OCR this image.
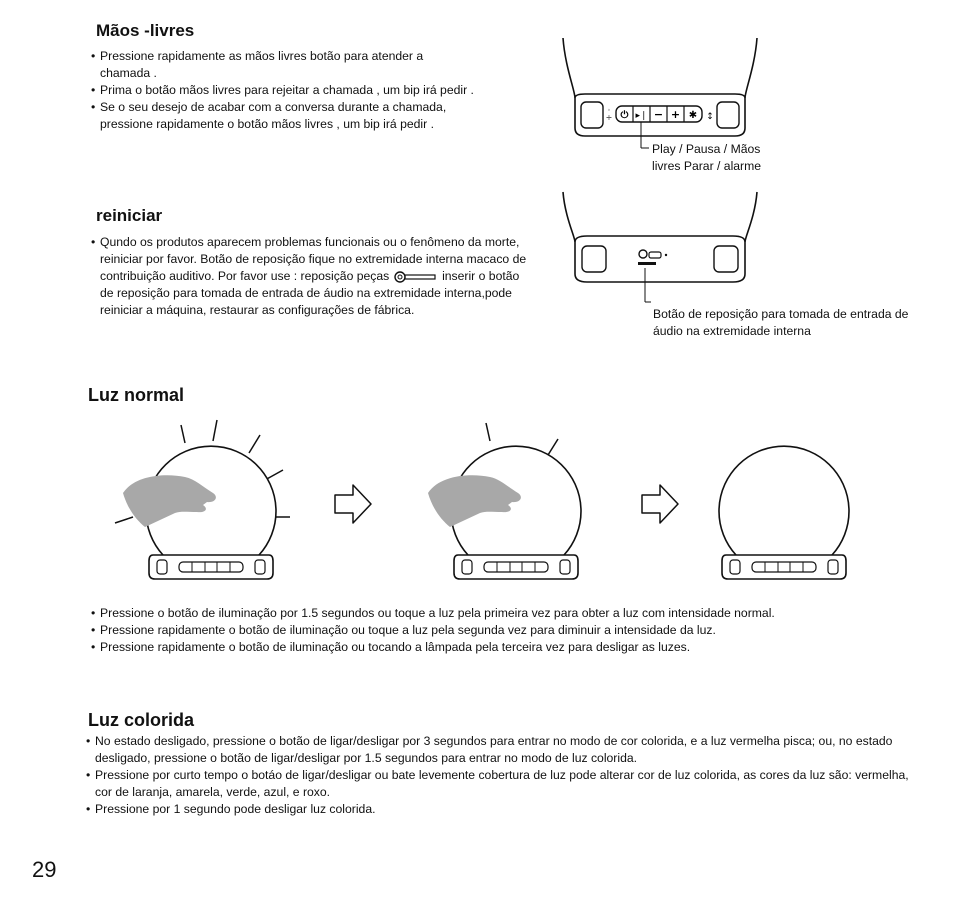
Mãos -livres
• Pressione rapidamente as mãos livres botão para atender a chamada .
• Prima o botão mãos livres para rejeitar a chamada , um bip irá pedir .
• Se o seu desejo de acabar com a conversa durante a chamada, pressione rapidamente o botão mãos livres , um bip irá pedir .
reiniciar
• Qundo os produtos aparecem problemas funcionais ou o fenômeno da morte, reiniciar por favor. Botão de reposição fique no extremidade interna macaco de contribuição auditivo. Por favor use : reposição peças	inserir o botão de reposição para tomada de entrada de áudio na extremidade interna,pode reiniciar a máquina, restaurar as configurações de fábrica.
⏻ ▸❘ − + ✱
◦
÷	↕
Play / Pausa / Mãos livres Parar / alarme
Botão de reposição para tomada de entrada de áudio na extremidade interna
Luz normal
• Pressione o botão de iluminação por 1.5 segundos ou toque a luz pela primeira vez para obter a luz com intensidade normal.
• Pressione rapidamente o botão de iluminação ou toque a luz pela segunda vez para diminuir a intensidade da luz.
• Pressione rapidamente o botão de iluminação ou tocando a lâmpada pela terceira vez para desligar as luzes.
Luz colorida
• No estado desligado, pressione o botão de ligar/desligar por 3 segundos para entrar no modo de cor colorida, e a luz vermelha pisca; ou, no estado desligado, pressione o botão de ligar/desligar por 1.5 segundos para entrar no modo de luz colorida.
• Pressione por curto tempo o botáo de ligar/desligar ou bate levemente cobertura de luz pode alterar cor de luz colorida, as cores da luz são: vermelha, cor de laranja, amarela, verde, azul, e roxo.
• Pressione por 1 segundo pode desligar luz colorida.
29
